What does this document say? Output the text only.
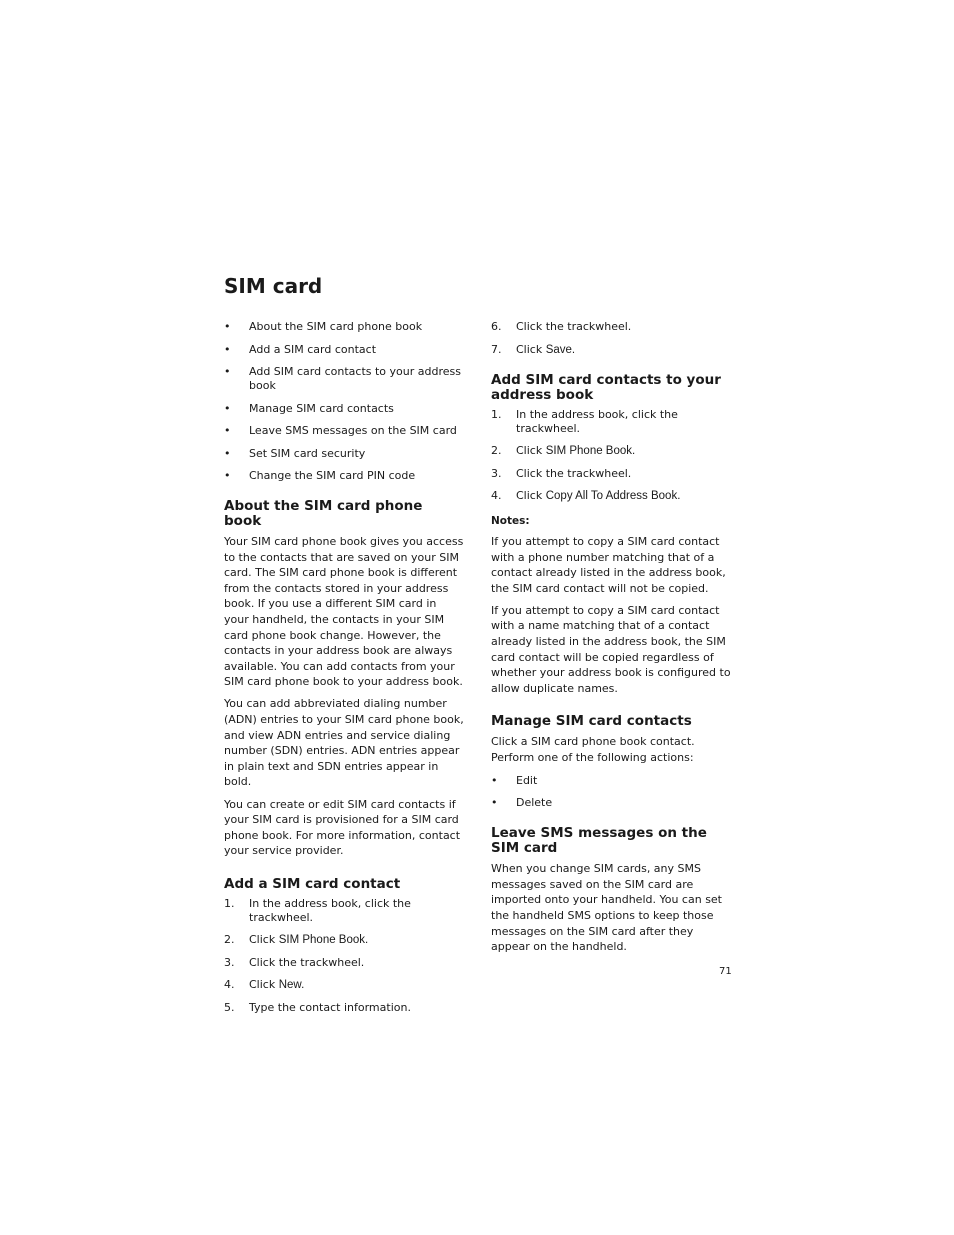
SIM card
• About the SIM card phone book
• Add a SIM card contact
• Add SIM card contacts to your address book
• Manage SIM card contacts
• Leave SMS messages on the SIM card
• Set SIM card security
• Change the SIM card PIN code
About the SIM card phone book

Your SIM card phone book gives you access to the contacts that are saved on your SIM card. The SIM card phone book is different from the contacts stored in your address book. If you use a different SIM card in your handheld, the contacts in your SIM card phone book change. However, the contacts in your address book are always available. You can add contacts from your SIM card phone book to your address book.

You can add abbreviated dialing number (ADN) entries to your SIM card phone book, and view ADN entries and service dialing number (SDN) entries. ADN entries appear in plain text and SDN entries appear in bold.

You can create or edit SIM card contacts if your SIM card is provisioned for a SIM card phone book. For more information, contact your service provider.

Add a SIM card contact
1. In the address book, click the trackwheel.
2. Click SIM Phone Book.
3. Click the trackwheel.
4. Click New.
5. Type the contact information.
6. Click the trackwheel.
7. Click Save.
Add SIM card contacts to your address book
1. In the address book, click the trackwheel.
2. Click SIM Phone Book.
3. Click the trackwheel.
4. Click Copy All To Address Book.
Notes:

If you attempt to copy a SIM card contact with a phone number matching that of a contact already listed in the address book, the SIM card contact will not be copied.

If you attempt to copy a SIM card contact with a name matching that of a contact already listed in the address book, the SIM card contact will be copied regardless of whether your address book is configured to allow duplicate names.

Manage SIM card contacts

Click a SIM card phone book contact. Perform one of the following actions:

• Edit
• Delete
Leave SMS messages on the SIM card

When you change SIM cards, any SMS messages saved on the SIM card are imported onto your handheld. You can set the handheld SMS options to keep those messages on the SIM card after they appear on the handheld.

71
